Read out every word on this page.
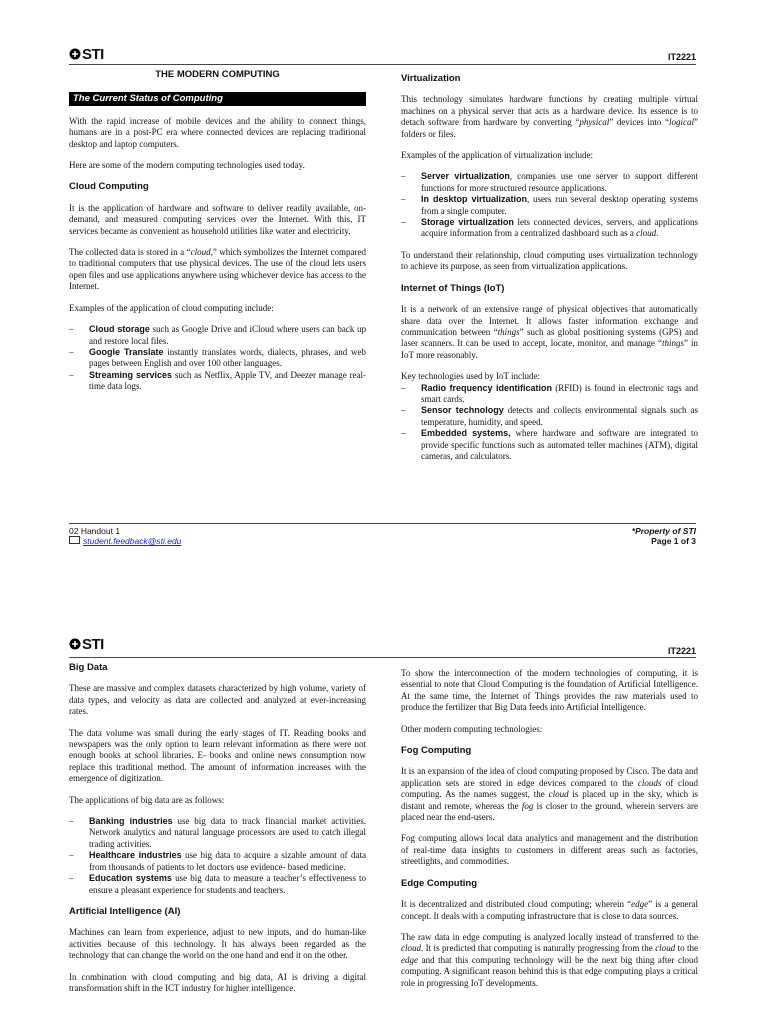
STI	IT2221
THE MODERN COMPUTING
The Current Status of Computing

With the rapid increase of mobile devices and the ability to connect things, humans are in a post-PC era where connected devices are replacing traditional desktop and laptop computers.

Here are some of the modern computing technologies used today.

Cloud Computing

It is the application of hardware and software to deliver readily available, on-demand, and measured computing services over the Internet. With this, IT services became as convenient as household utilities like water and electricity.

The collected data is stored in a “cloud,” which symbolizes the Internet compared to traditional computers that use physical devices. The use of the cloud lets users open files and use applications anywhere using whichever device has access to the Internet.

Examples of the application of cloud computing include:

– Cloud storage such as Google Drive and iCloud where users can back up and restore local files.
– Google Translate instantly translates words, dialects, phrases, and web pages between English and over 100 other languages.
– Streaming services such as Netflix, Apple TV, and Deezer manage real-time data logs.
Virtualization

This technology simulates hardware functions by creating multiple virtual machines on a physical server that acts as a hardware device. Its essence is to detach software from hardware by converting “physical” devices into “logical” folders or files.

Examples of the application of virtualization include:

– Server virtualization, companies use one server to support different functions for more structured resource applications.
– In desktop virtualization, users run several desktop operating systems from a single computer.
– Storage virtualization lets connected devices, servers, and applications acquire information from a centralized dashboard such as a cloud.

To understand their relationship, cloud computing uses virtualization technology to achieve its purpose, as seen from virtualization applications.

Internet of Things (IoT)

It is a network of an extensive range of physical objectives that automatically share data over the Internet. It allows faster information exchange and communication between “things” such as global positioning systems (GPS) and laser scanners. It can be used to accept, locate, monitor, and manage “things” in IoT more reasonably.

Key technologies used by IoT include:

– Radio frequency identification (RFID) is found in electronic tags and smart cards.
– Sensor technology detects and collects environmental signals such as temperature, humidity, and speed.
– Embedded systems, where hardware and software are integrated to provide specific functions such as automated teller machines (ATM), digital cameras, and calculators.
02 Handout 1
student.feedback@sti.edu
*Property of STI
Page 1 of 3
STI	IT2221
Big Data

These are massive and complex datasets characterized by high volume, variety of data types, and velocity as data are collected and analyzed at ever-increasing rates.

The data volume was small during the early stages of IT. Reading books and newspapers was the only option to learn relevant information as there were not enough books at school libraries. E- books and online news consumption now replace this traditional method. The amount of information increases with the emergence of digitization.

The applications of big data are as follows:

– Banking industries use big data to track financial market activities. Network analytics and natural language processors are used to catch illegal trading activities.
– Healthcare industries use big data to acquire a sizable amount of data from thousands of patients to let doctors use evidence- based medicine.
– Education systems use big data to measure a teacher’s effectiveness to ensure a pleasant experience for students and teachers.
Artificial Intelligence (AI)

Machines can learn from experience, adjust to new inputs, and do human-like activities because of this technology. It has always been regarded as the technology that can change the world on the one hand and end it on the other.

In combination with cloud computing and big data, AI is driving a digital transformation shift in the ICT industry for higher intelligence.

To show the interconnection of the modern technologies of computing, it is essential to note that Cloud Computing is the foundation of Artificial Intelligence. At the same time, the Internet of Things provides the raw materials used to produce the fertilizer that Big Data feeds into Artificial Intelligence.

Other modern computing technologies:

Fog Computing

It is an expansion of the idea of cloud computing proposed by Cisco. The data and application sets are stored in edge devices compared to the clouds of cloud computing. As the names suggest, the cloud is placed up in the sky, which is distant and remote, whereas the fog is closer to the ground, wherein servers are placed near the end-users.

Fog computing allows local data analytics and management and the distribution of real-time data insights to customers in different areas such as factories, streetlights, and commodities.

Edge Computing

It is decentralized and distributed cloud computing; wherein “edge” is a general concept. It deals with a computing infrastructure that is close to data sources.

The raw data in edge computing is analyzed locally instead of transferred to the cloud. It is predicted that computing is naturally progressing from the cloud to the edge and that this computing technology will be the next big thing after cloud computing. A significant reason behind this is that edge computing plays a critical role in progressing IoT developments.
